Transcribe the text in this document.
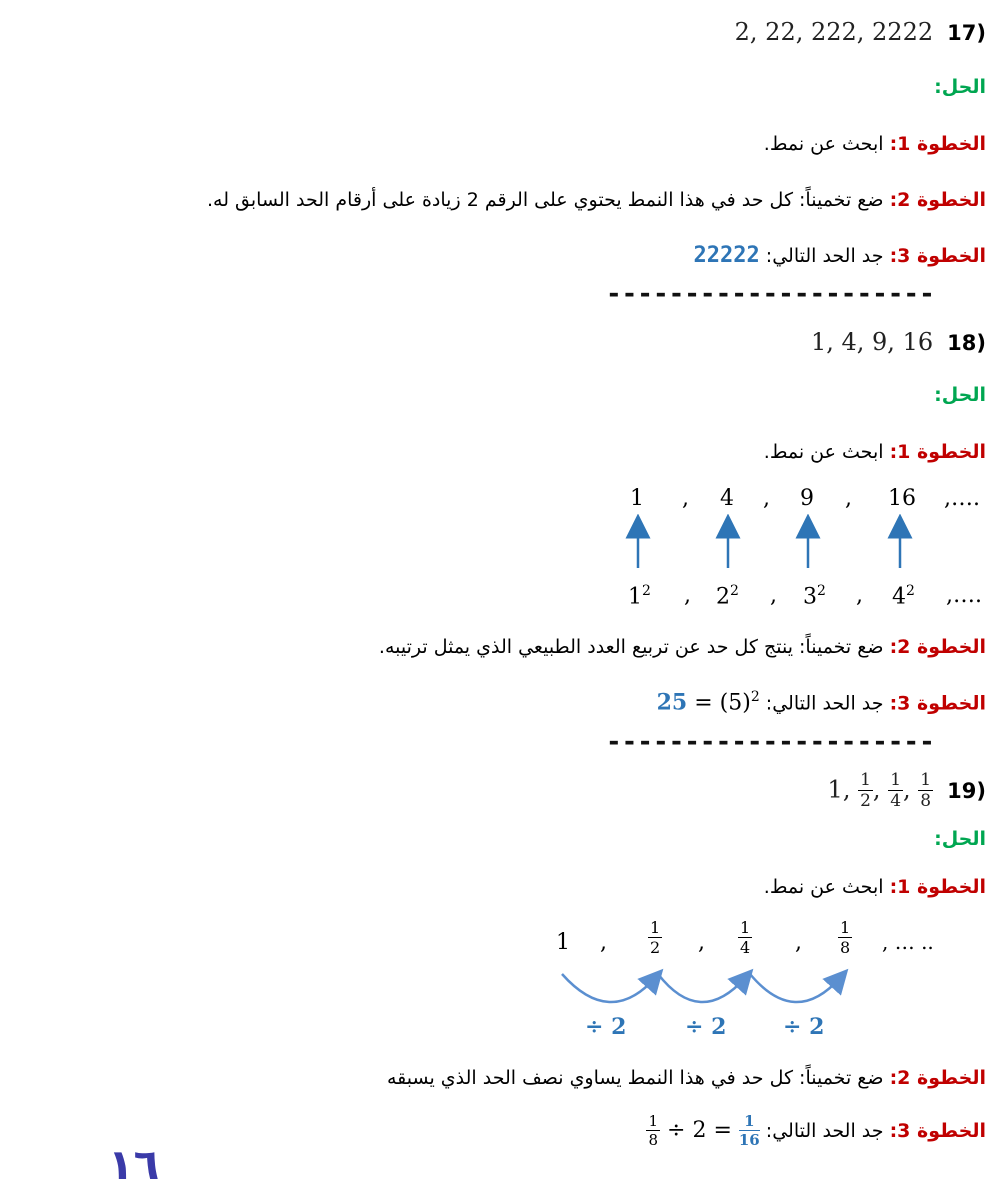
(17 2, 22, 222, 2222
الحل:
الخطوة 1: ابحث عن نمط.
الخطوة 2: ضع تخميناً: كل حد في هذا النمط يحتوي على الرقم 2 زيادة على أرقام الحد السابق له.
الخطوة 3: جد الحد التالي: 22222
---------------------
(18 1, 4, 9, 16
الحل:
الخطوة 1: ابحث عن نمط.
1 , 4 , 9 , 16 ,….
$1^2$ , $2^2$ , $3^2$ , $4^2$ ,….
الخطوة 2: ضع تخميناً: ينتج كل حد عن تربيع العدد الطبيعي الذي يمثل ترتيبه.
الخطوة 3: جد الحد التالي: $25 = (5)^2$
---------------------
(19 1, $\frac{1}{2}$ , $\frac{1}{4}$ , $\frac{1}{8}$
الحل:
الخطوة 1: ابحث عن نمط.
1 ,
1
2 ,
1
4 ,
1
8 , … ..
÷ 2	÷ 2	÷ 2
الخطوة 2: ضع تخميناً: كل حد في هذا النمط يساوي نصف الحد الذي يسبقه
الخطوة 3: جد الحد التالي:
$\frac{1}{8} \div 2 = \frac{1}{16}$
١٦
